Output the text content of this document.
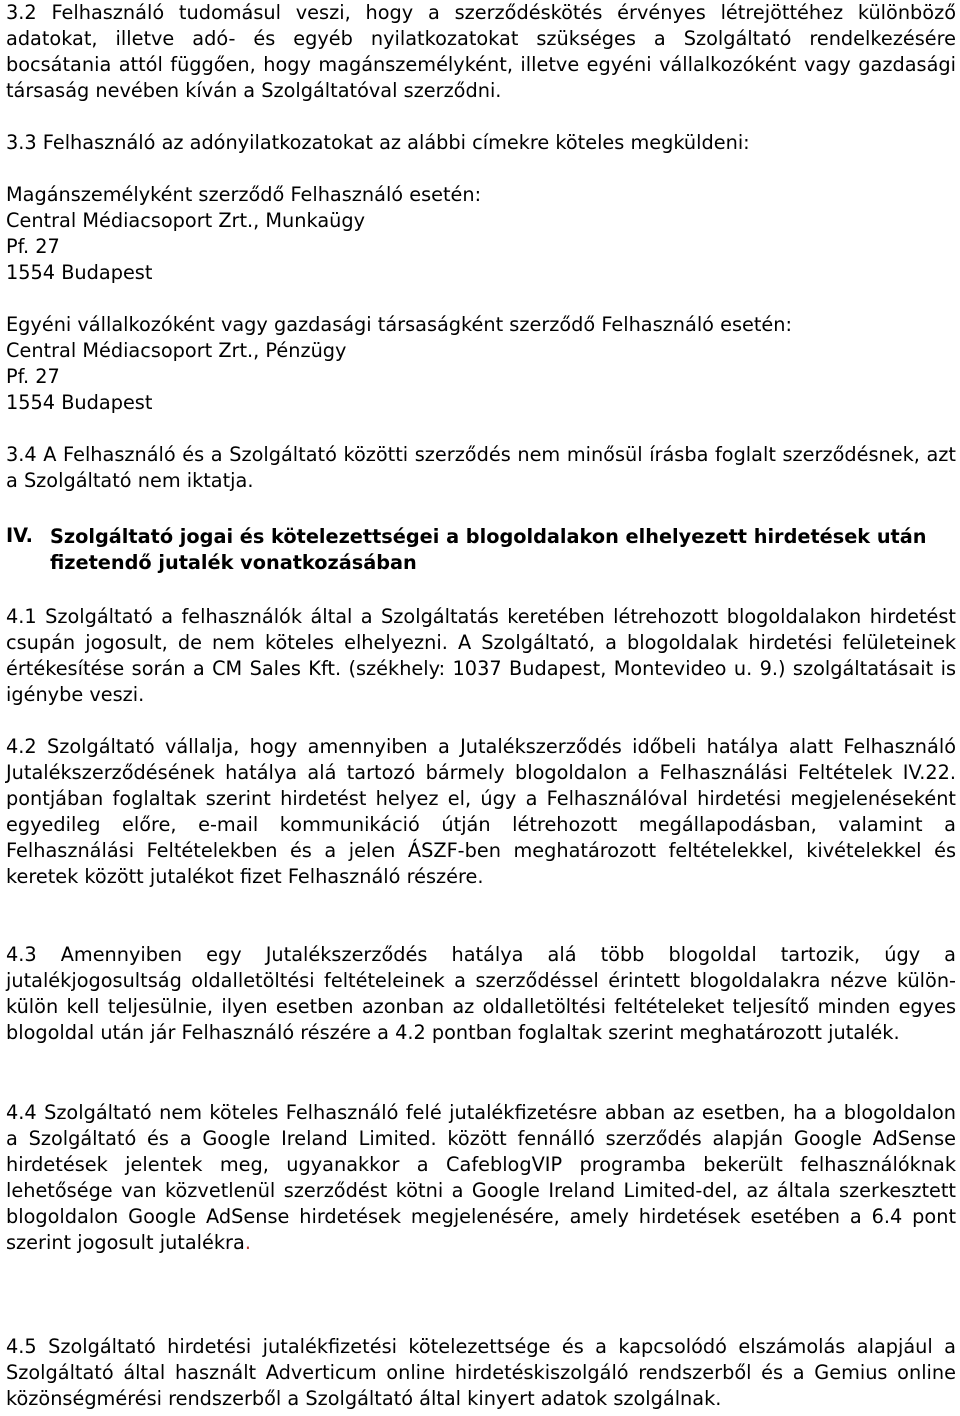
3.2 Felhasználó tudomásul veszi, hogy a szerződéskötés érvényes létrejöttéhez különböző adatokat, illetve adó- és egyéb nyilatkozatokat szükséges a Szolgáltató rendelkezésére bocsátania attól függően, hogy magánszemélyként, illetve egyéni vállalkozóként vagy gazdasági társaság nevében kíván a Szolgáltatóval szerződni.

3.3 Felhasználó az adónyilatkozatokat az alábbi címekre köteles megküldeni:

Magánszemélyként szerződő Felhasználó esetén:

Central Médiacsoport Zrt., Munkaügy

Pf. 27

1554 Budapest

Egyéni vállalkozóként vagy gazdasági társaságként szerződő Felhasználó esetén:

Central Médiacsoport Zrt., Pénzügy

Pf. 27

1554 Budapest

3.4 A Felhasználó és a Szolgáltató közötti szerződés nem minősül írásba foglalt szerződésnek, azt a Szolgáltató nem iktatja.

IV. Szolgáltató jogai és kötelezettségei a blogoldalakon elhelyezett hirdetések után fizetendő jutalék vonatkozásában

4.1 Szolgáltató a felhasználók által a Szolgáltatás keretében létrehozott blogoldalakon hirdetést csupán jogosult, de nem köteles elhelyezni. A Szolgáltató, a blogoldalak hirdetési felületeinek értékesítése során a CM Sales Kft. (székhely: 1037 Budapest, Montevideo u. 9.) szolgáltatásait is igénybe veszi.

4.2 Szolgáltató vállalja, hogy amennyiben a Jutalékszerződés időbeli hatálya alatt Felhasználó Jutalékszerződésének hatálya alá tartozó bármely blogoldalon a Felhasználási Feltételek IV.22. pontjában foglaltak szerint hirdetést helyez el, úgy a Felhasználóval hirdetési megjelenéseként egyedileg előre, e-mail kommunikáció útján létrehozott megállapodásban, valamint a Felhasználási Feltételekben és a jelen ÁSZF-ben meghatározott feltételekkel, kivételekkel és keretek között jutalékot fizet Felhasználó részére.

4.3 Amennyiben egy Jutalékszerződés hatálya alá több blogoldal tartozik, úgy a jutalékjogosultság oldalletöltési feltételeinek a szerződéssel érintett blogoldalakra nézve külön-külön kell teljesülnie, ilyen esetben azonban az oldalletöltési feltételeket teljesítő minden egyes blogoldal után jár Felhasználó részére a 4.2 pontban foglaltak szerint meghatározott jutalék.

4.4 Szolgáltató nem köteles Felhasználó felé jutalékfizetésre abban az esetben, ha a blogoldalon a Szolgáltató és a Google Ireland Limited. között fennálló szerződés alapján Google AdSense hirdetések jelentek meg, ugyanakkor a CafeblogVIP programba bekerült felhasználóknak lehetősége van közvetlenül szerződést kötni a Google Ireland Limited-del, az általa szerkesztett blogoldalon Google AdSense hirdetések megjelenésére, amely hirdetések esetében a 6.4 pont szerint jogosult jutalékra.

4.5 Szolgáltató hirdetési jutalékfizetési kötelezettsége és a kapcsolódó elszámolás alapjául a Szolgáltató által használt Adverticum online hirdetéskiszolgáló rendszerből és a Gemius online közönségmérési rendszerből a Szolgáltató által kinyert adatok szolgálnak.
